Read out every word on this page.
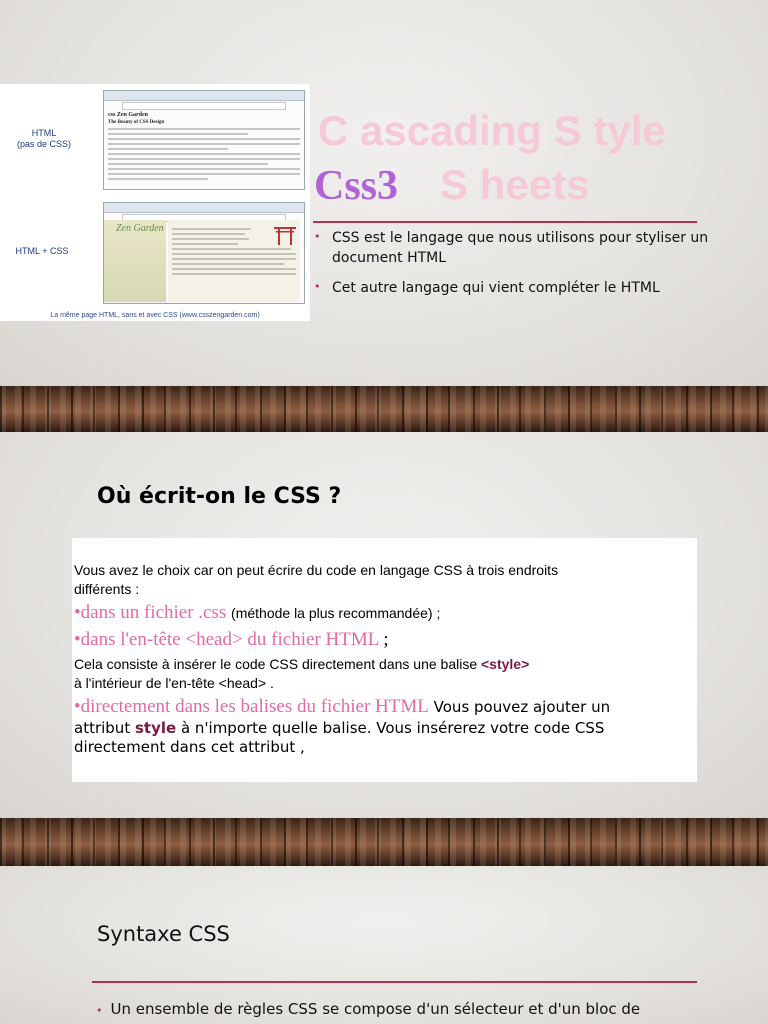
HTML
(pas de CSS)
HTML + CSS
css Zen Garden
The Beauty of CSS Design
Zen Garden
La même page HTML, sans et avec CSS (www.csszengarden.com)
C ascading S tyle
S heets
Css3
• CSS est le langage que nous utilisons pour styliser un document HTML
• Cet autre langage qui vient compléter le HTML
Où écrit-on le CSS ?
Vous avez le choix car on peut écrire du code en langage CSS à trois endroits
différents :
•dans un fichier .css (méthode la plus recommandée) ;
•dans l'en-tête <head> du fichier HTML ;
Cela consiste à insérer le code CSS directement dans une balise <style>
à l'intérieur de l'en-tête <head> .
•directement dans les balises du fichier HTML Vous pouvez ajouter un
attribut style à n'importe quelle balise. Vous insérerez votre code CSS
directement dans cet attribut ,
Syntaxe CSS
• Un ensemble de règles CSS se compose d'un sélecteur et d'un bloc de
